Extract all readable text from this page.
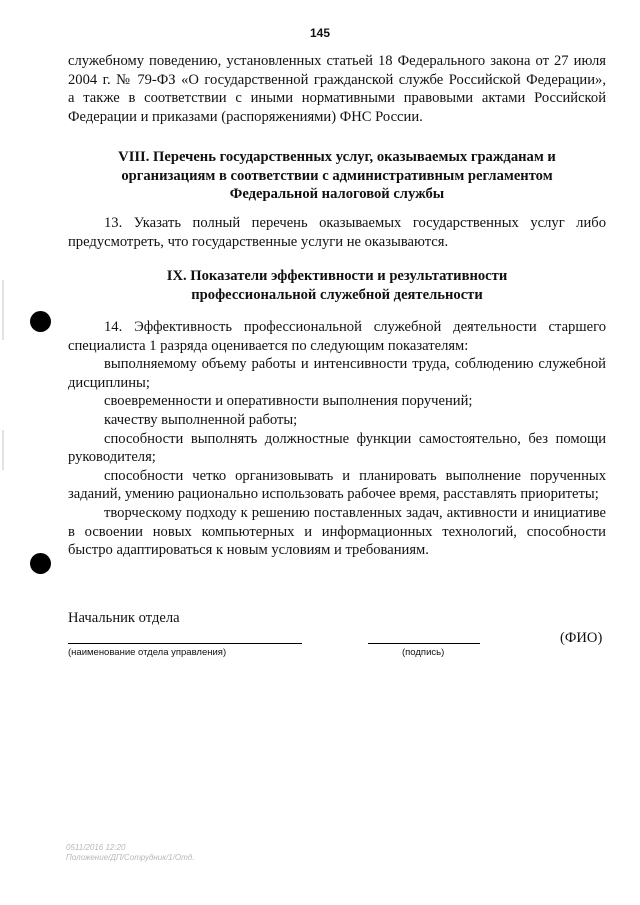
145
служебному поведению, установленных статьей 18 Федерального закона от 27 июля
2004 г. № 79-ФЗ «О государственной гражданской службе Российской Федерации»,
а также в соответствии с иными нормативными правовыми актами Российской
Федерации и приказами (распоряжениями) ФНС России.
VIII. Перечень государственных услуг, оказываемых гражданам и
организациям в соответствии с административным регламентом
Федеральной налоговой службы
13. Указать полный перечень оказываемых государственных услуг либо
предусмотреть, что государственные услуги не оказываются.
IX. Показатели эффективности и результативности
профессиональной служебной деятельности

14. Эффективность профессиональной служебной деятельности старшего специалиста 1 разряда оценивается по следующим показателям:

выполняемому объему работы и интенсивности труда, соблюдению служебной дисциплины;

своевременности и оперативности выполнения поручений;

качеству выполненной работы;

способности выполнять должностные функции самостоятельно, без помощи руководителя;

способности четко организовывать и планировать выполнение порученных заданий, умению рационально использовать рабочее время, расставлять приоритеты;

творческому подходу к решению поставленных задач, активности и инициативе в освоении новых компьютерных и информационных технологий, способности быстро адаптироваться к новым условиям и требованиям.

Начальник отдела
(ФИО)
(наименование отдела управления)	(подпись)
0511/2016 12:20
Положение/ДП/Сотрудник/1/Отд.
